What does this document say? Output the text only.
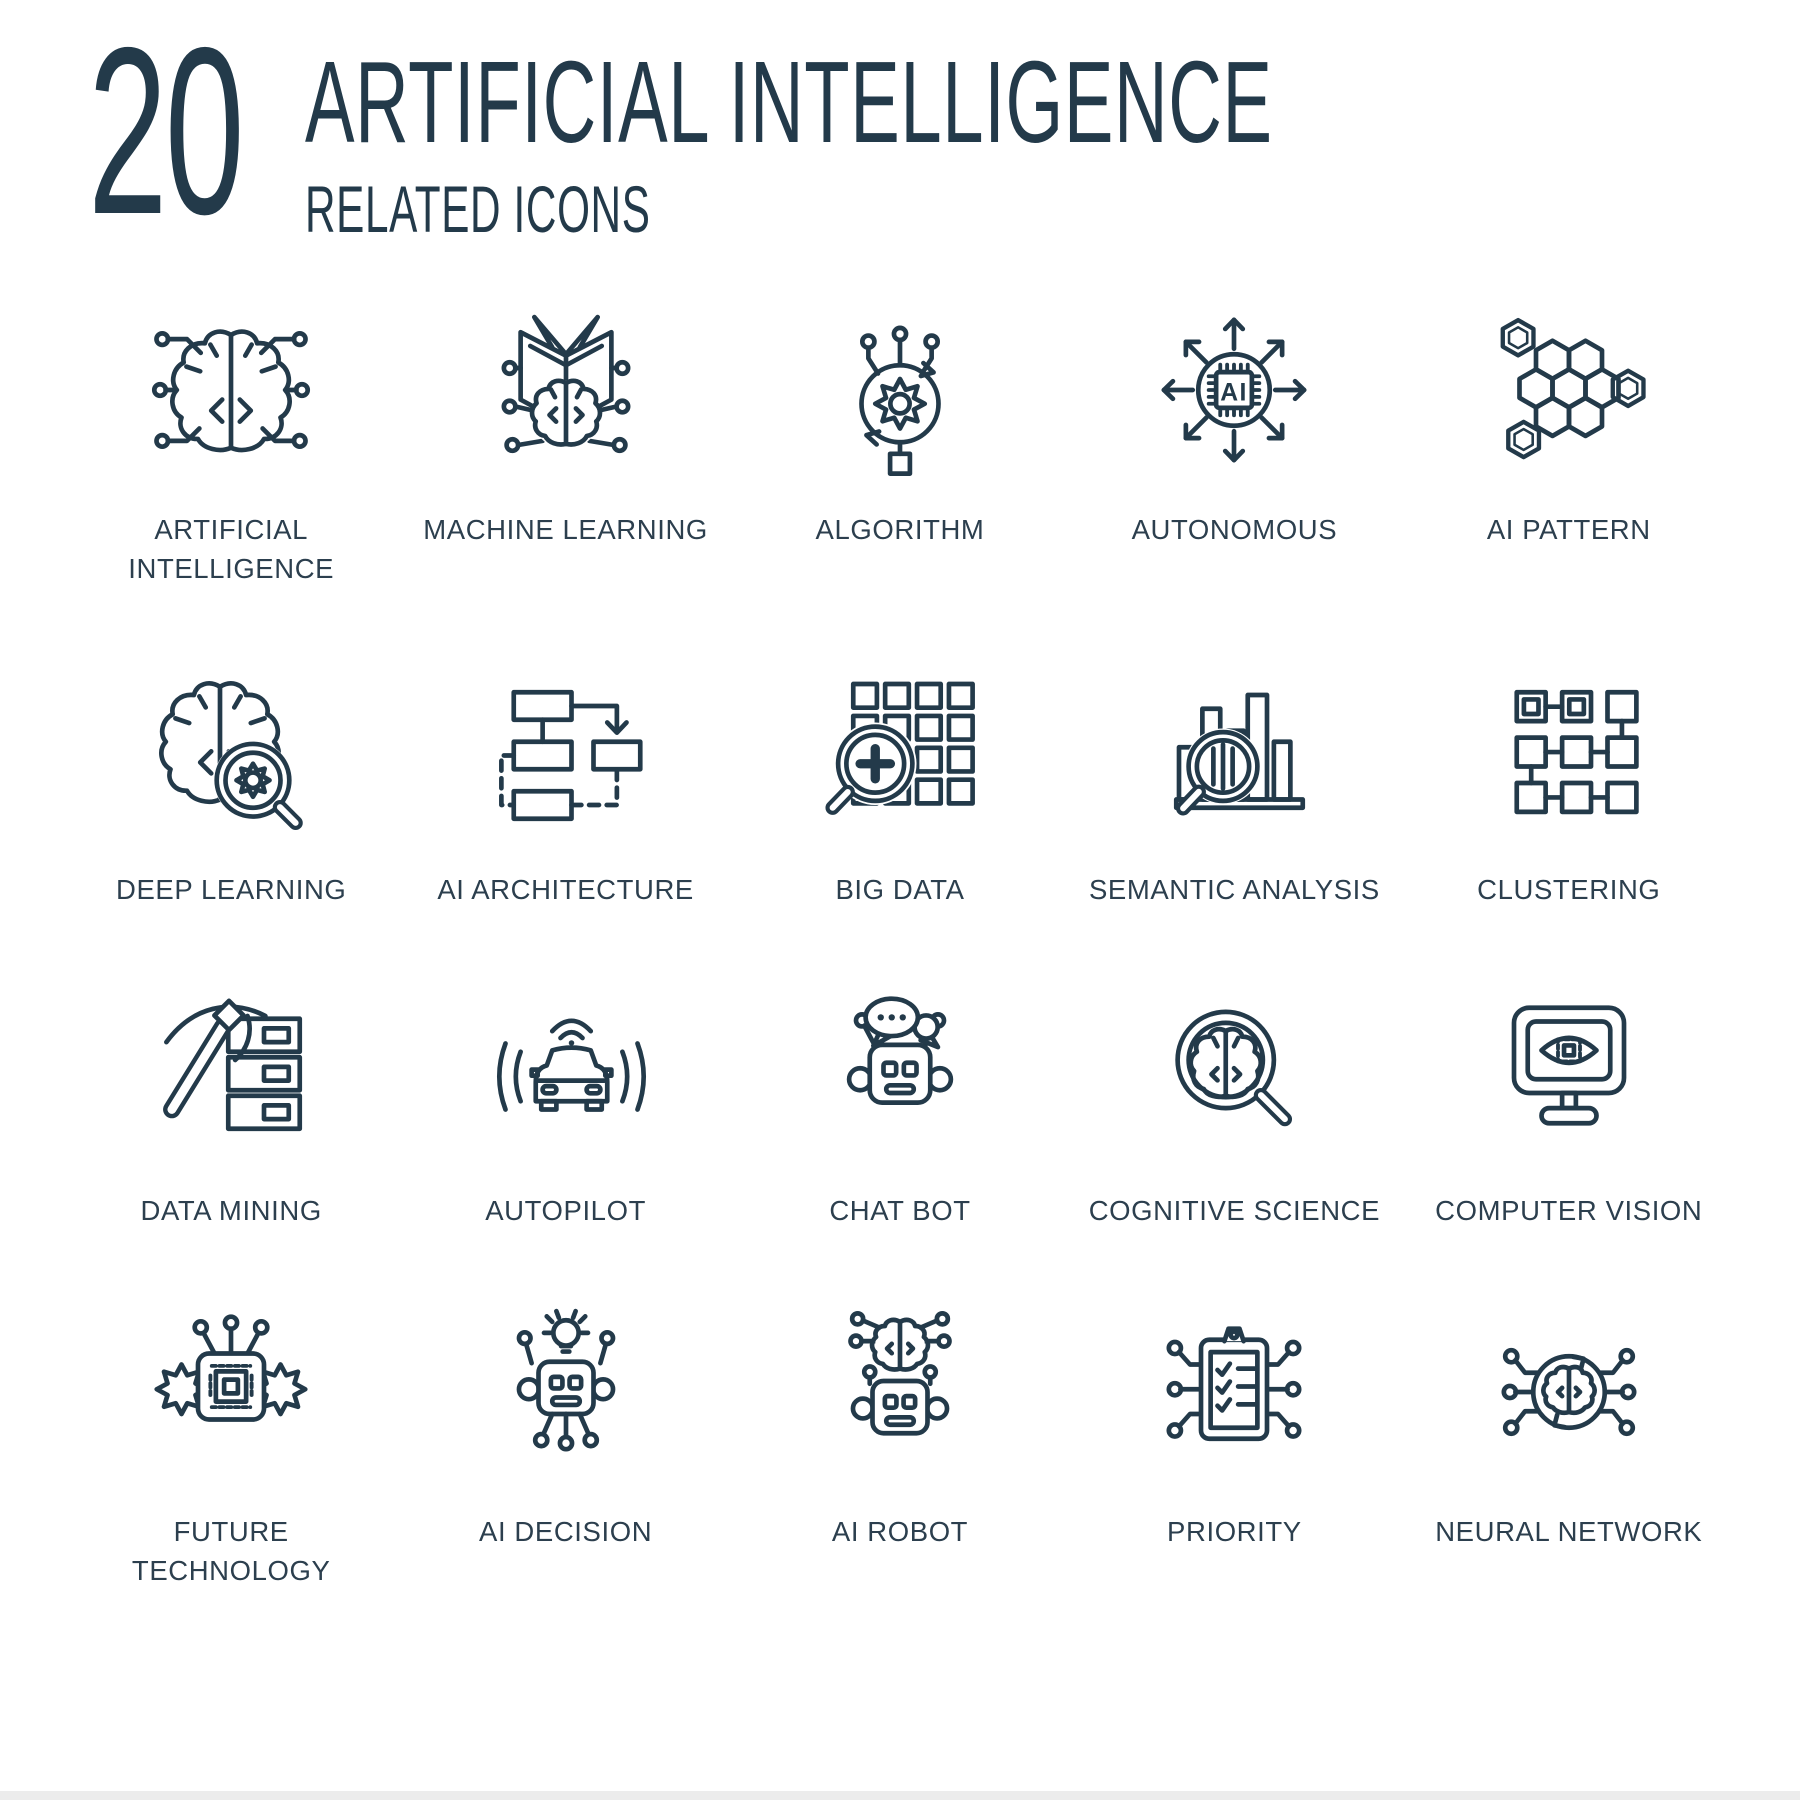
20 ARTIFICIAL INTELLIGENCE
RELATED ICONS
ARTIFICIAL INTELLIGENCE
MACHINE LEARNING	ALGORITHM
AI
AUTONOMOUS	AI PATTERN
DEEP LEARNING	AI ARCHITECTURE	BIG DATA	SEMANTIC ANALYSIS	CLUSTERING
DATA MINING	AUTOPILOT	CHAT BOT	COGNITIVE SCIENCE COMPUTER VISION
FUTURE TECHNOLOGY
AI DECISION	AI ROBOT	PRIORITY	NEURAL NETWORK
